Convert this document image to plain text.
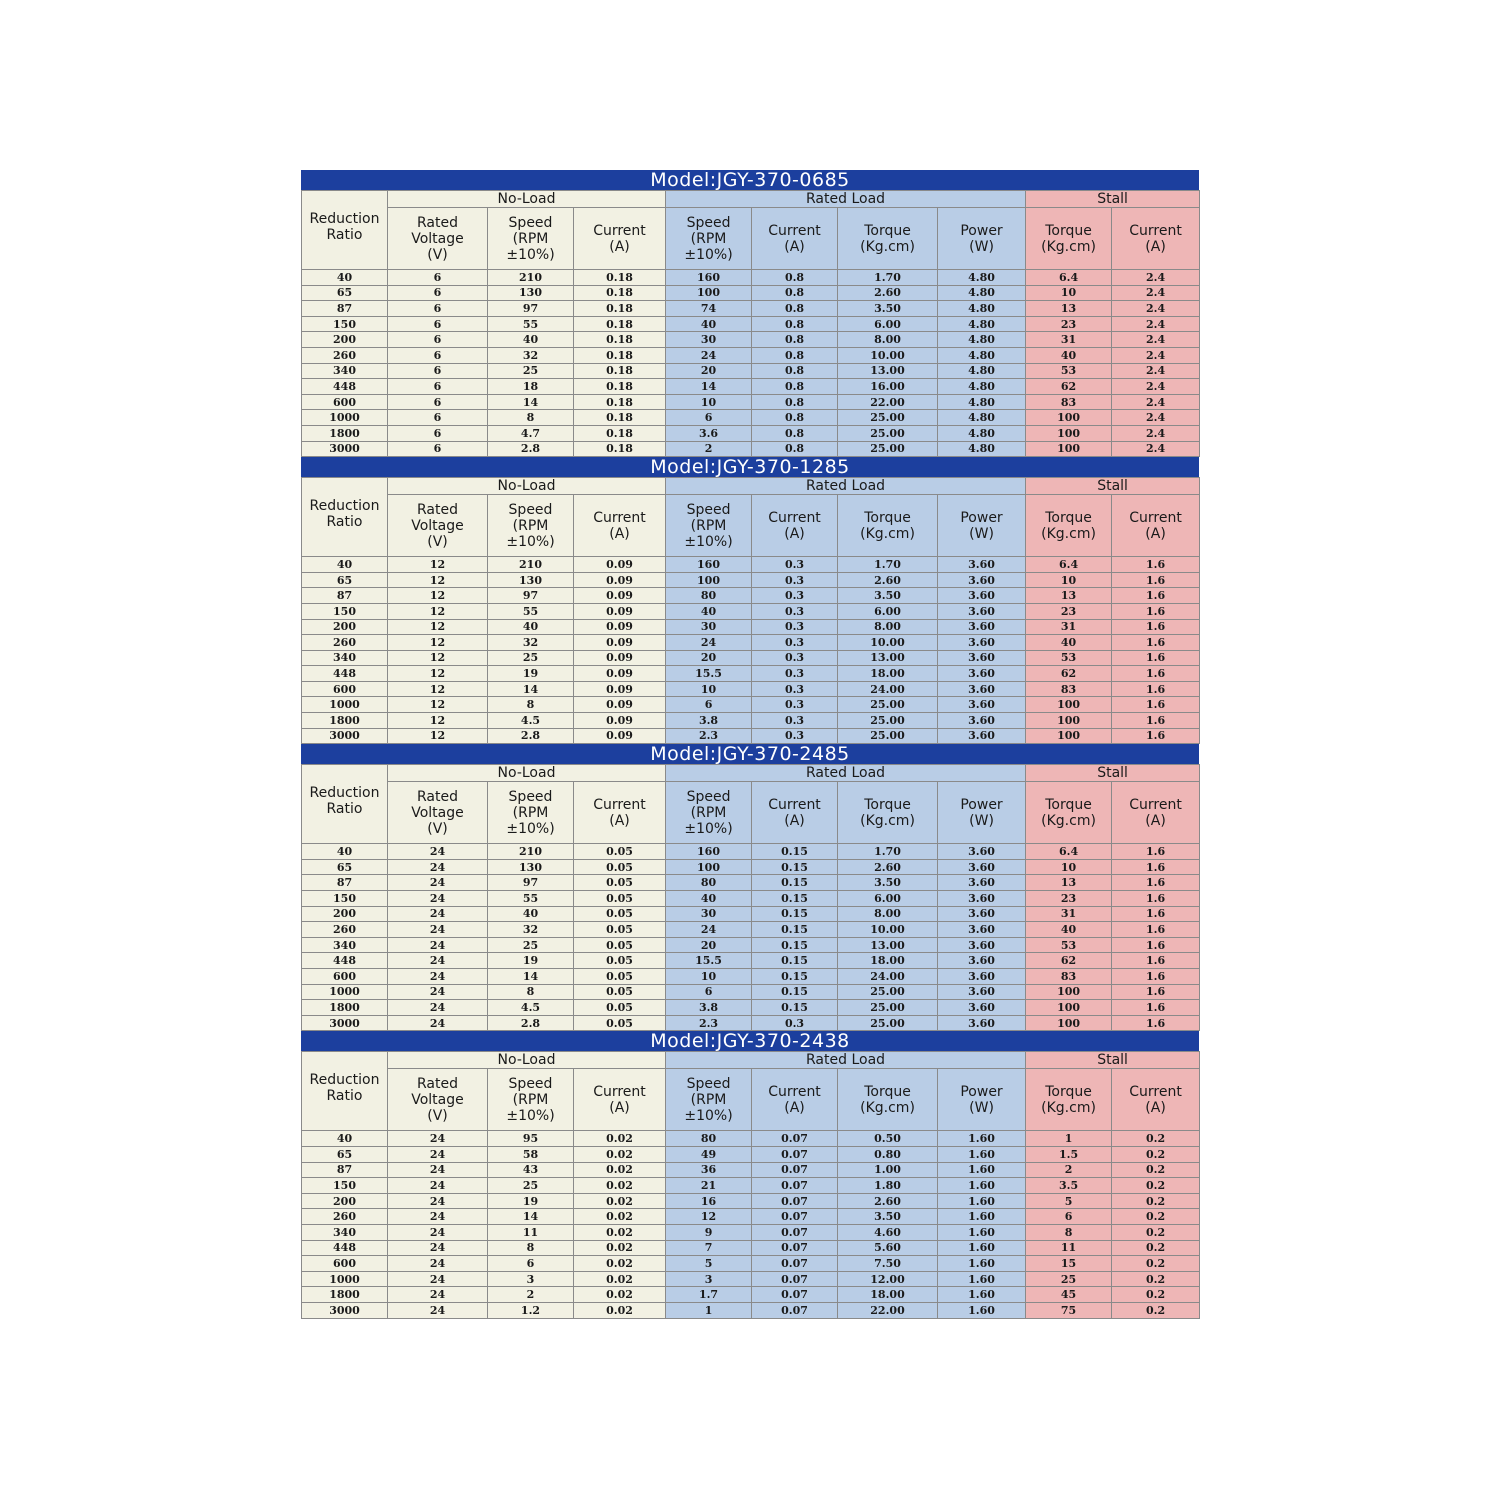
Model:JGY-370-0685
Reduction
Ratio	No-Load			Rated Load				Stall	

	Rated
Voltage
(V)	Speed
(RPM
±10%)	Current
(A)	Speed
(RPM
±10%)	Current
(A)	Torque
(Kg.cm)	Power
(W)	Torque
(Kg.cm)	Current
(A)

40	6	210	0.18	160	0.8	1.70	4.80	6.4	2.4
65	6	130	0.18	100	0.8	2.60	4.80	10	2.4
87	6	97	0.18	74	0.8	3.50	4.80	13	2.4
150	6	55	0.18	40	0.8	6.00	4.80	23	2.4
200	6	40	0.18	30	0.8	8.00	4.80	31	2.4
260	6	32	0.18	24	0.8	10.00	4.80	40	2.4
340	6	25	0.18	20	0.8	13.00	4.80	53	2.4
448	6	18	0.18	14	0.8	16.00	4.80	62	2.4
600	6	14	0.18	10	0.8	22.00	4.80	83	2.4
1000	6	8	0.18	6	0.8	25.00	4.80	100	2.4
1800	6	4.7	0.18	3.6	0.8	25.00	4.80	100	2.4
3000	6	2.8	0.18	2	0.8	25.00	4.80	100	2.4
Model:JGY-370-1285
Reduction
Ratio	No-Load			Rated Load				Stall	

	Rated
Voltage
(V)	Speed
(RPM
±10%)	Current
(A)	Speed
(RPM
±10%)	Current
(A)	Torque
(Kg.cm)	Power
(W)	Torque
(Kg.cm)	Current
(A)

40	12	210	0.09	160	0.3	1.70	3.60	6.4	1.6
65	12	130	0.09	100	0.3	2.60	3.60	10	1.6
87	12	97	0.09	80	0.3	3.50	3.60	13	1.6
150	12	55	0.09	40	0.3	6.00	3.60	23	1.6
200	12	40	0.09	30	0.3	8.00	3.60	31	1.6
260	12	32	0.09	24	0.3	10.00	3.60	40	1.6
340	12	25	0.09	20	0.3	13.00	3.60	53	1.6
448	12	19	0.09	15.5	0.3	18.00	3.60	62	1.6
600	12	14	0.09	10	0.3	24.00	3.60	83	1.6
1000	12	8	0.09	6	0.3	25.00	3.60	100	1.6
1800	12	4.5	0.09	3.8	0.3	25.00	3.60	100	1.6
3000	12	2.8	0.09	2.3	0.3	25.00	3.60	100	1.6
Model:JGY-370-2485
Reduction
Ratio	No-Load			Rated Load				Stall	

	Rated
Voltage
(V)	Speed
(RPM
±10%)	Current
(A)	Speed
(RPM
±10%)	Current
(A)	Torque
(Kg.cm)	Power
(W)	Torque
(Kg.cm)	Current
(A)

40	24	210	0.05	160	0.15	1.70	3.60	6.4	1.6
65	24	130	0.05	100	0.15	2.60	3.60	10	1.6
87	24	97	0.05	80	0.15	3.50	3.60	13	1.6
150	24	55	0.05	40	0.15	6.00	3.60	23	1.6
200	24	40	0.05	30	0.15	8.00	3.60	31	1.6
260	24	32	0.05	24	0.15	10.00	3.60	40	1.6
340	24	25	0.05	20	0.15	13.00	3.60	53	1.6
448	24	19	0.05	15.5	0.15	18.00	3.60	62	1.6
600	24	14	0.05	10	0.15	24.00	3.60	83	1.6
1000	24	8	0.05	6	0.15	25.00	3.60	100	1.6
1800	24	4.5	0.05	3.8	0.15	25.00	3.60	100	1.6
3000	24	2.8	0.05	2.3	0.3	25.00	3.60	100	1.6
Model:JGY-370-2438
Reduction
Ratio	No-Load			Rated Load				Stall	

	Rated
Voltage
(V)	Speed
(RPM
±10%)	Current
(A)	Speed
(RPM
±10%)	Current
(A)	Torque
(Kg.cm)	Power
(W)	Torque
(Kg.cm)	Current
(A)

40	24	95	0.02	80	0.07	0.50	1.60	1	0.2
65	24	58	0.02	49	0.07	0.80	1.60	1.5	0.2
87	24	43	0.02	36	0.07	1.00	1.60	2	0.2
150	24	25	0.02	21	0.07	1.80	1.60	3.5	0.2
200	24	19	0.02	16	0.07	2.60	1.60	5	0.2
260	24	14	0.02	12	0.07	3.50	1.60	6	0.2
340	24	11	0.02	9	0.07	4.60	1.60	8	0.2
448	24	8	0.02	7	0.07	5.60	1.60	11	0.2
600	24	6	0.02	5	0.07	7.50	1.60	15	0.2
1000	24	3	0.02	3	0.07	12.00	1.60	25	0.2
1800	24	2	0.02	1.7	0.07	18.00	1.60	45	0.2
3000	24	1.2	0.02	1	0.07	22.00	1.60	75	0.2
